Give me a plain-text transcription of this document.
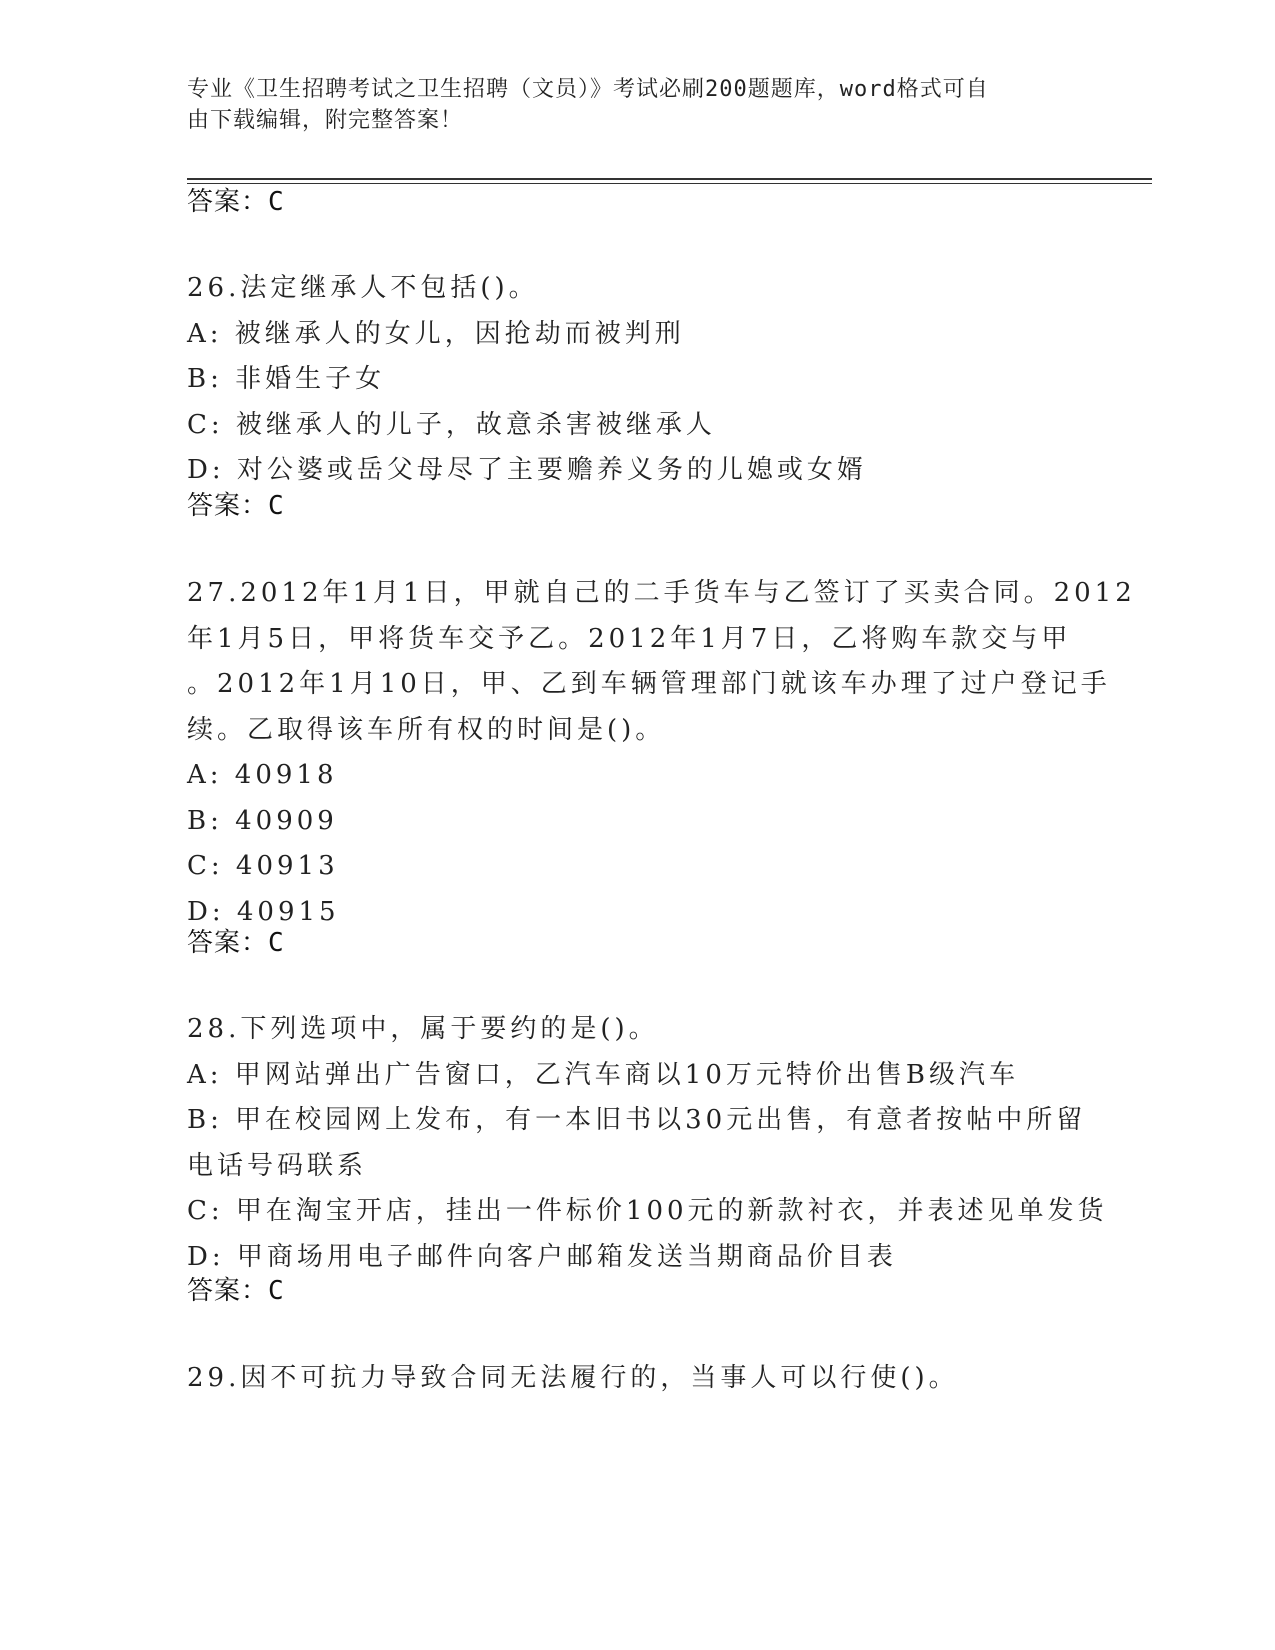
专业《卫生招聘考试之卫生招聘（文员）》考试必刷200题题库，word格式可自
由下载编辑，附完整答案！
答案：C
26.法定继承人不包括()。
A: 被继承人的女儿，因抢劫而被判刑
B: 非婚生子女
C: 被继承人的儿子，故意杀害被继承人
D: 对公婆或岳父母尽了主要赡养义务的儿媳或女婿
答案：C
27.2012年1月1日，甲就自己的二手货车与乙签订了买卖合同。2012
年1月5日，甲将货车交予乙。2012年1月7日，乙将购车款交与甲
。2012年1月10日，甲、乙到车辆管理部门就该车办理了过户登记手
续。乙取得该车所有权的时间是()。
A: 40918
B: 40909
C: 40913
D: 40915
答案：C
28.下列选项中，属于要约的是()。
A: 甲网站弹出广告窗口，乙汽车商以10万元特价出售B级汽车
B: 甲在校园网上发布，有一本旧书以30元出售，有意者按帖中所留
电话号码联系
C: 甲在淘宝开店，挂出一件标价100元的新款衬衣，并表述见单发货
D: 甲商场用电子邮件向客户邮箱发送当期商品价目表
答案：C
29.因不可抗力导致合同无法履行的，当事人可以行使()。
